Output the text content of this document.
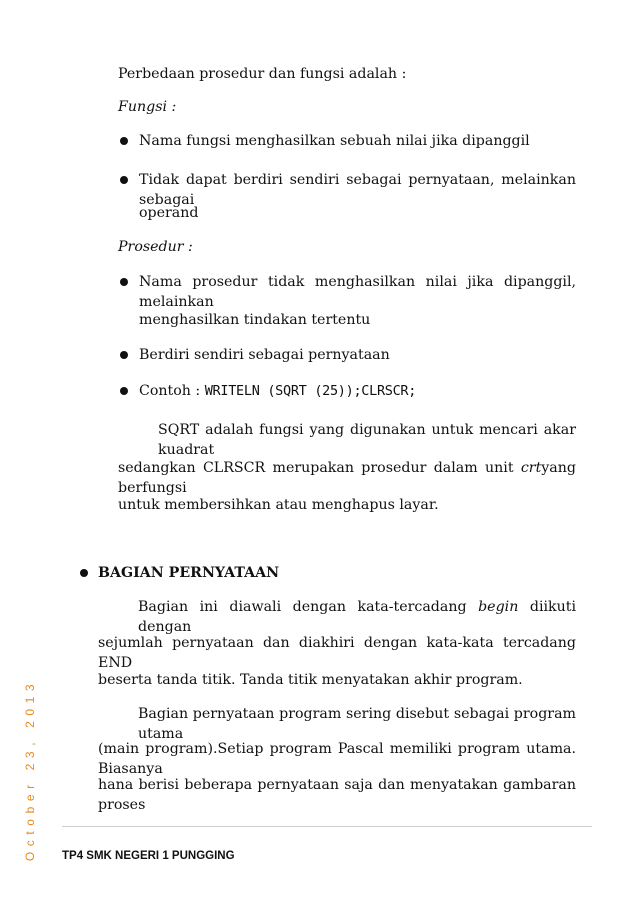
October 23, 2013
Perbedaan prosedur dan fungsi adalah :
Fungsi :
Nama fungsi menghasilkan sebuah nilai jika dipanggil
Tidak dapat berdiri sendiri sebagai pernyataan, melainkan sebagai
operand
Prosedur :
Nama prosedur tidak menghasilkan nilai jika dipanggil, melainkan
menghasilkan tindakan tertentu
Berdiri sendiri sebagai pernyataan
Contoh : WRITELN (SQRT (25));CLRSCR;
SQRT adalah fungsi yang digunakan untuk mencari akar kuadrat
sedangkan CLRSCR merupakan prosedur dalam unit crtyang berfungsi
untuk membersihkan atau menghapus layar.
BAGIAN PERNYATAAN
Bagian ini diawali dengan kata-tercadang begin diikuti dengan
sejumlah pernyataan dan diakhiri dengan kata-kata tercadang END
beserta tanda titik. Tanda titik menyatakan akhir program.
Bagian pernyataan program sering disebut sebagai program utama
(main program).Setiap program Pascal memiliki program utama. Biasanya
hana berisi beberapa pernyataan saja dan menyatakan gambaran proses
TP4 SMK NEGERI 1 PUNGGING
